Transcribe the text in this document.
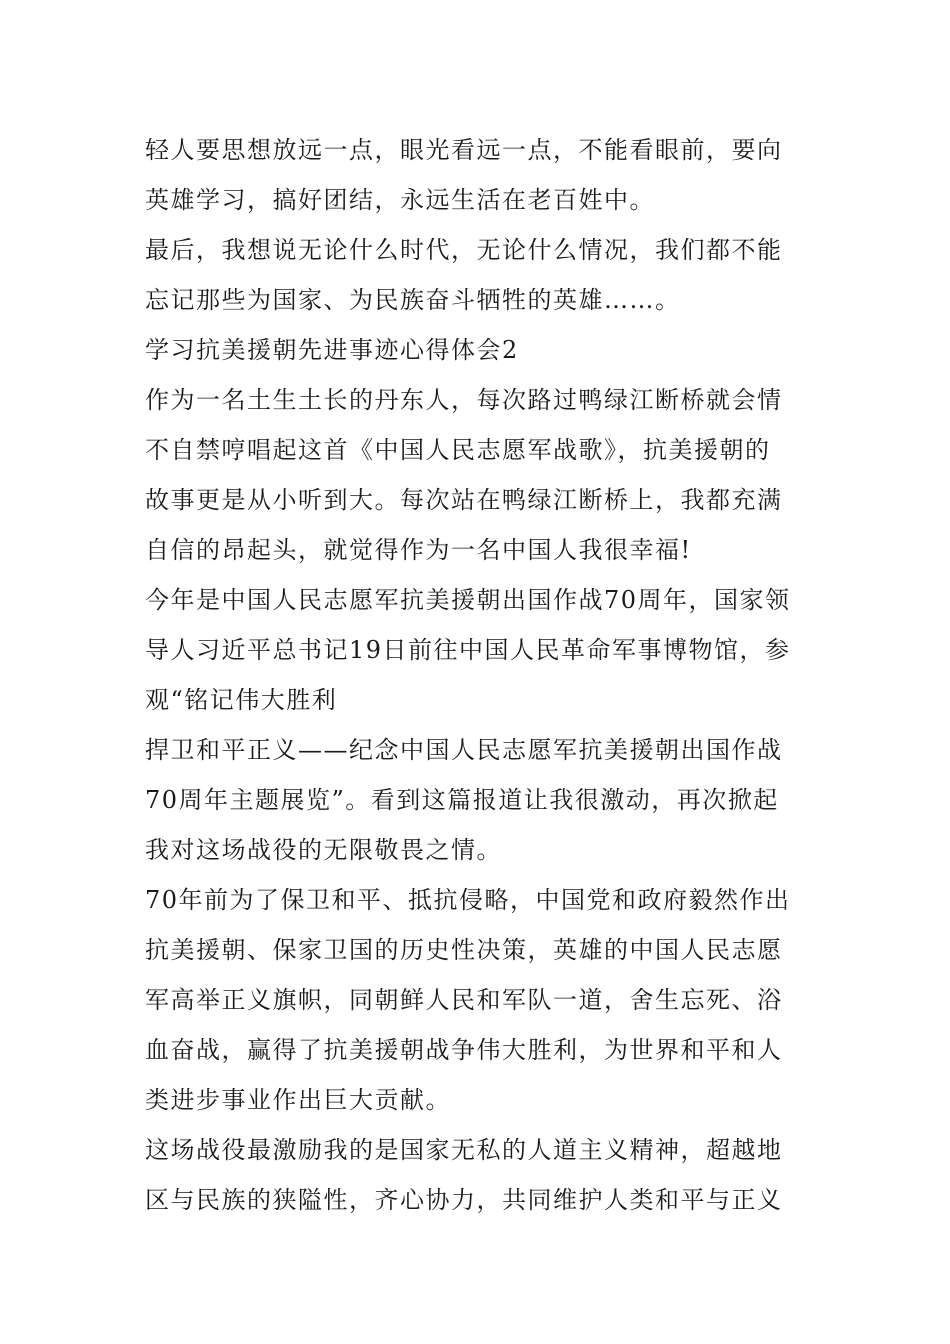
轻人要思想放远一点，眼光看远一点，不能看眼前，要向
英雄学习，搞好团结，永远生活在老百姓中。
最后，我想说无论什么时代，无论什么情况，我们都不能
忘记那些为国家、为民族奋斗牺牲的英雄……。
学习抗美援朝先进事迹心得体会2
作为一名土生土长的丹东人，每次路过鸭绿江断桥就会情
不自禁哼唱起这首《中国人民志愿军战歌》，抗美援朝的
故事更是从小听到大。每次站在鸭绿江断桥上，我都充满
自信的昂起头，就觉得作为一名中国人我很幸福!
今年是中国人民志愿军抗美援朝出国作战70周年，国家领
导人习近平总书记19日前往中国人民革命军事博物馆，参
观“铭记伟大胜利
捍卫和平正义——纪念中国人民志愿军抗美援朝出国作战
70周年主题展览”。看到这篇报道让我很激动，再次掀起
我对这场战役的无限敬畏之情。
70年前为了保卫和平、抵抗侵略，中国党和政府毅然作出
抗美援朝、保家卫国的历史性决策，英雄的中国人民志愿
军高举正义旗帜，同朝鲜人民和军队一道，舍生忘死、浴
血奋战，赢得了抗美援朝战争伟大胜利，为世界和平和人
类进步事业作出巨大贡献。
这场战役最激励我的是国家无私的人道主义精神，超越地
区与民族的狭隘性，齐心协力，共同维护人类和平与正义
